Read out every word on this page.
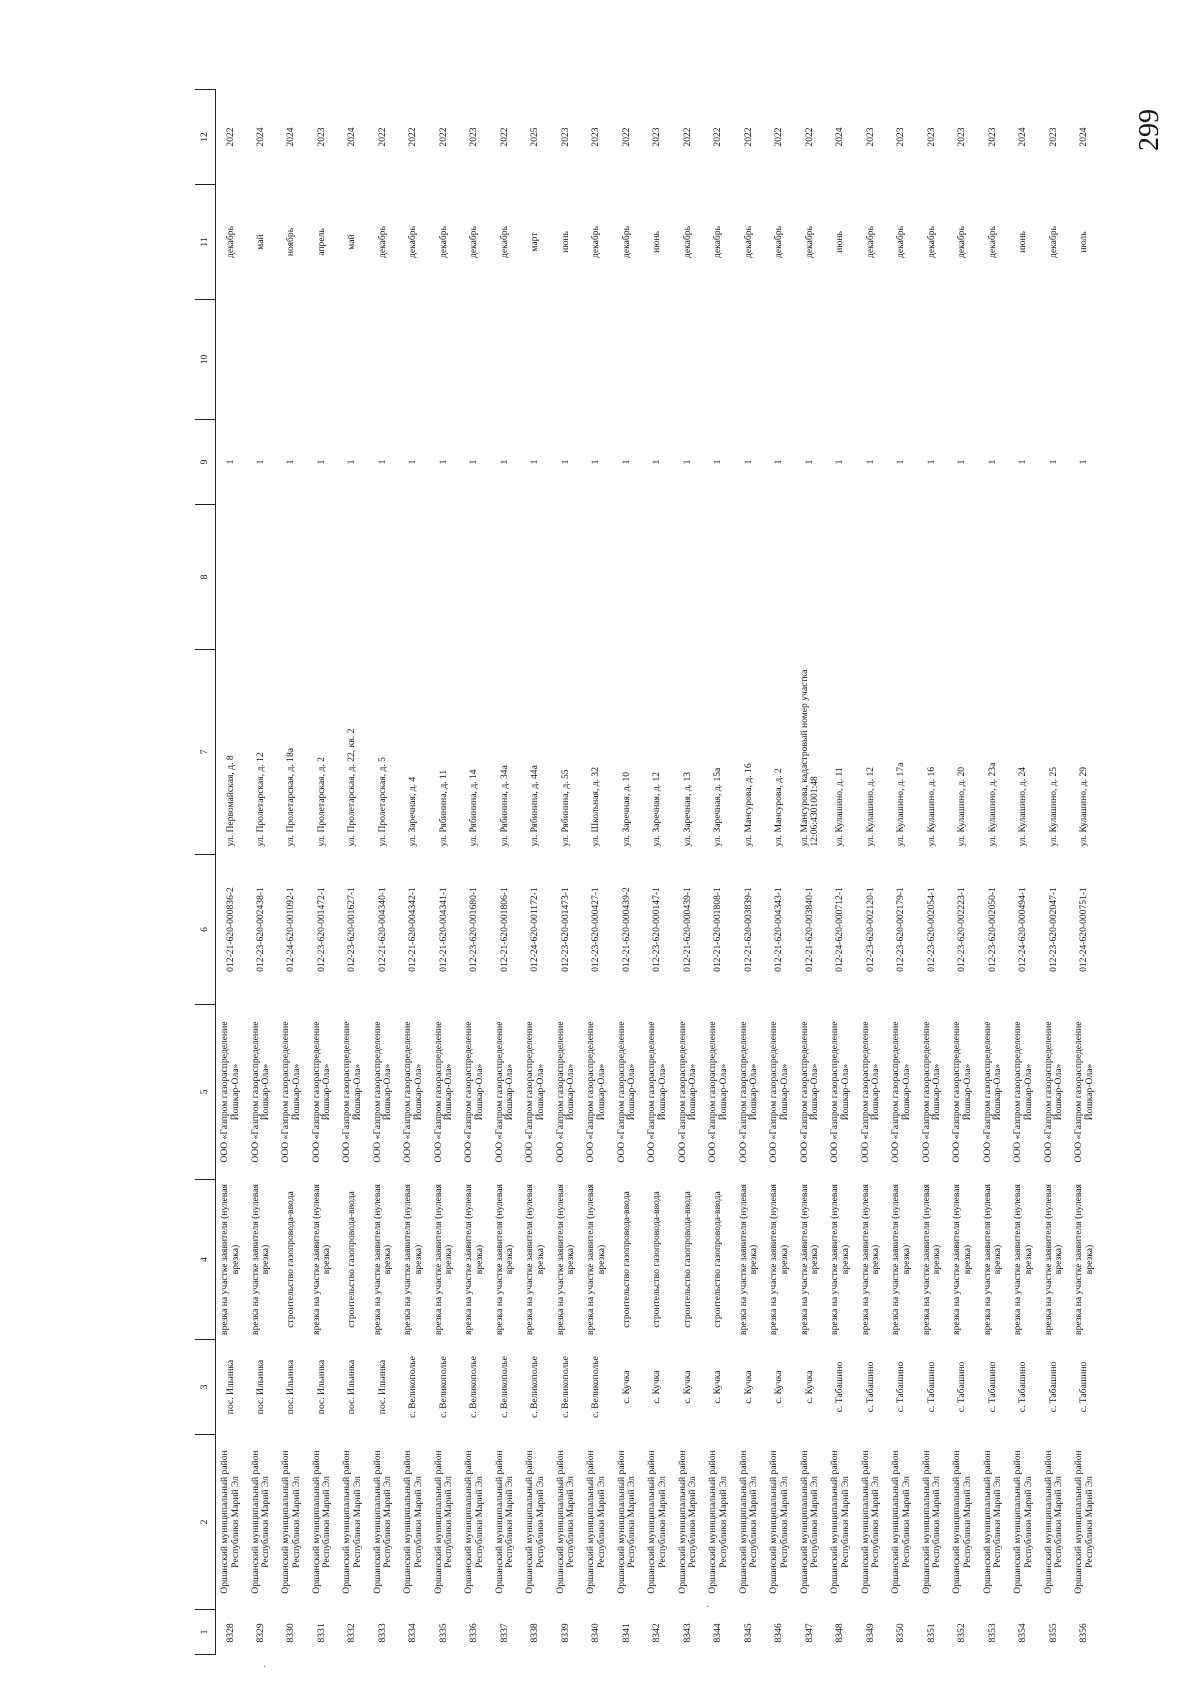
299
1	2	3	4	5	6	7	8	9	10	11	12
8328	Оршанский муниципальный район Республики Марий Эл	пос. Ильинка	врезка на участке заявителя (нулевая врезка)	ООО «Газпром газораспределение Йошкар-Ола»	012-21-620-000836-2	ул. Первомайская, д. 8		1		декабрь	2022
8329	Оршанский муниципальный район Республики Марий Эл	пос. Ильинка	врезка на участке заявителя (нулевая врезка)	ООО «Газпром газораспределение Йошкар-Ола»	012-23-620-002438-1	ул. Пролетарская, д. 12		1		май	2024
8330	Оршанский муниципальный район Республики Марий Эл	пос. Ильинка	строительство газопровода-ввода	ООО «Газпром газораспределение Йошкар-Ола»	012-24-620-001092-1	ул. Пролетарская, д. 18а		1		ноябрь	2024
8331	Оршанский муниципальный район Республики Марий Эл	пос. Ильинка	врезка на участке заявителя (нулевая врезка)	ООО «Газпром газораспределение Йошкар-Ола»	012-23-620-001472-1	ул. Пролетарская, д. 2		1		апрель	2023
8332	Оршанский муниципальный район Республики Марий Эл	пос. Ильинка	строительство газопровода-ввода	ООО «Газпром газораспределение Йошкар-Ола»	012-23-620-001627-1	ул. Пролетарская, д. 22, кв. 2		1		май	2024
8333	Оршанский муниципальный район Республики Марий Эл	пос. Ильинка	врезка на участке заявителя (нулевая врезка)	ООО «Газпром газораспределение Йошкар-Ола»	012-21-620-004340-1	ул. Пролетарская, д. 5		1		декабрь	2022
8334	Оршанский муниципальный район Республики Марий Эл	с. Великополье	врезка на участке заявителя (нулевая врезка)	ООО «Газпром газораспределение Йошкар-Ола»	012-21-620-004342-1	ул. Заречная, д. 4		1		декабрь	2022
8335	Оршанский муниципальный район Республики Марий Эл	с. Великополье	врезка на участке заявителя (нулевая врезка)	ООО «Газпром газораспределение Йошкар-Ола»	012-21-620-004341-1	ул. Рябинина, д. 11		1		декабрь	2022
8336	Оршанский муниципальный район Республики Марий Эл	с. Великополье	врезка на участке заявителя (нулевая врезка)	ООО «Газпром газораспределение Йошкар-Ола»	012-23-620-001680-1	ул. Рябинина, д. 14		1		декабрь	2023
8337	Оршанский муниципальный район Республики Марий Эл	с. Великополье	врезка на участке заявителя (нулевая врезка)	ООО «Газпром газораспределение Йошкар-Ола»	012-21-620-001806-1	ул. Рябинина, д. 34а		1		декабрь	2022
8338	Оршанский муниципальный район Республики Марий Эл	с. Великополье	врезка на участке заявителя (нулевая врезка)	ООО «Газпром газораспределение Йошкар-Ола»	012-24-620-001172-1	ул. Рябинина, д. 44а		1		март	2025
8339	Оршанский муниципальный район Республики Марий Эл	с. Великополье	врезка на участке заявителя (нулевая врезка)	ООО «Газпром газораспределение Йошкар-Ола»	012-23-620-001473-1	ул. Рябинина, д. 55		1		июнь	2023
8340	Оршанский муниципальный район Республики Марий Эл	с. Великополье	врезка на участке заявителя (нулевая врезка)	ООО «Газпром газораспределение Йошкар-Ола»	012-23-620-000427-1	ул. Школьная, д. 32		1		декабрь	2023
8341	Оршанский муниципальный район Республики Марий Эл	с. Кучка	строительство газопровода-ввода	ООО «Газпром газораспределение Йошкар-Ола»	012-21-620-000439-2	ул. Заречная, д. 10		1		декабрь	2022
8342	Оршанский муниципальный район Республики Марий Эл	с. Кучка	строительство газопровода-ввода	ООО «Газпром газораспределение Йошкар-Ола»	012-23-620-000147-1	ул. Заречная, д. 12		1		июнь	2023
8343	Оршанский муниципальный район Республики Марий Эл	с. Кучка	строительство газопровода-ввода	ООО «Газпром газораспределение Йошкар-Ола»	012-21-620-000439-1	ул. Заречная, д. 13		1		декабрь	2022
8344	Оршанский муниципальный район Республики Марий Эл	с. Кучка	строительство газопровода-ввода	ООО «Газпром газораспределение Йошкар-Ола»	012-21-620-001808-1	ул. Заречная, д. 15а		1		декабрь	2022
8345	Оршанский муниципальный район Республики Марий Эл	с. Кучка	врезка на участке заявителя (нулевая врезка)	ООО «Газпром газораспределение Йошкар-Ола»	012-21-620-003839-1	ул. Мансурова, д. 16		1		декабрь	2022
8346	Оршанский муниципальный район Республики Марий Эл	с. Кучка	врезка на участке заявителя (нулевая врезка)	ООО «Газпром газораспределение Йошкар-Ола»	012-21-620-004343-1	ул. Мансурова, д. 2		1		декабрь	2022
8347	Оршанский муниципальный район Республики Марий Эл	с. Кучка	врезка на участке заявителя (нулевая врезка)	ООО «Газпром газораспределение Йошкар-Ола»	012-21-620-003840-1	ул. Мансурова, кадастровый номер участка 12:06:4301001:48		1		декабрь	2022
8348	Оршанский муниципальный район Республики Марий Эл	с. Табашино	врезка на участке заявителя (нулевая врезка)	ООО «Газпром газораспределение Йошкар-Ола»	012-24-620-000712-1	ул. Кулашино, д. 11		1		июнь	2024
8349	Оршанский муниципальный район Республики Марий Эл	с. Табашино	врезка на участке заявителя (нулевая врезка)	ООО «Газпром газораспределение Йошкар-Ола»	012-23-620-002120-1	ул. Кулашино, д. 12		1		декабрь	2023
8350	Оршанский муниципальный район Республики Марий Эл	с. Табашино	врезка на участке заявителя (нулевая врезка)	ООО «Газпром газораспределение Йошкар-Ола»	012-23-620-002179-1	ул. Кулашино, д. 17а		1		декабрь	2023
8351	Оршанский муниципальный район Республики Марий Эл	с. Табашино	врезка на участке заявителя (нулевая врезка)	ООО «Газпром газораспределение Йошкар-Ола»	012-23-620-002054-1	ул. Кулашино, д. 16		1		декабрь	2023
8352	Оршанский муниципальный район Республики Марий Эл	с. Табашино	врезка на участке заявителя (нулевая врезка)	ООО «Газпром газораспределение Йошкар-Ола»	012-23-620-002223-1	ул. Кулашино, д. 20		1		декабрь	2023
8353	Оршанский муниципальный район Республики Марий Эл	с. Табашино	врезка на участке заявителя (нулевая врезка)	ООО «Газпром газораспределение Йошкар-Ола»	012-23-620-002050-1	ул. Кулашино, д. 23а		1		декабрь	2023
8354	Оршанский муниципальный район Республики Марий Эл	с. Табашино	врезка на участке заявителя (нулевая врезка)	ООО «Газпром газораспределение Йошкар-Ола»	012-24-620-000494-1	ул. Кулашино, д. 24		1		июнь	2024
8355	Оршанский муниципальный район Республики Марий Эл	с. Табашино	врезка на участке заявителя (нулевая врезка)	ООО «Газпром газораспределение Йошкар-Ола»	012-23-620-002047-1	ул. Кулашино, д. 25		1		декабрь	2023
8356	Оршанский муниципальный район Республики Марий Эл	с. Табашино	врезка на участке заявителя (нулевая врезка)	ООО «Газпром газораспределение Йошкар-Ола»	012-24-620-000751-1	ул. Кулашино, д. 29		1		июль	2024
·
·
